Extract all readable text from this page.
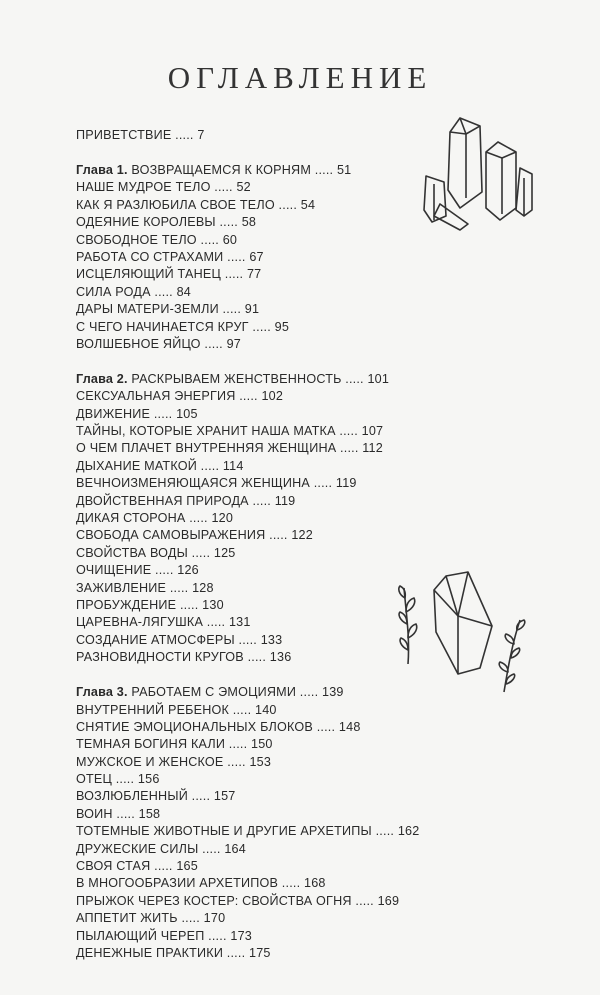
ОГЛАВЛЕНИЕ
ПРИВЕТСТВИЕ ..... 7
Глава 1. ВОЗВРАЩАЕМСЯ К КОРНЯМ ..... 51
НАШЕ МУДРОЕ ТЕЛО ..... 52
КАК Я РАЗЛЮБИЛА СВОЕ ТЕЛО ..... 54
ОДЕЯНИЕ КОРОЛЕВЫ ..... 58
СВОБОДНОЕ ТЕЛО ..... 60
РАБОТА СО СТРАХАМИ ..... 67
ИСЦЕЛЯЮЩИЙ ТАНЕЦ ..... 77
СИЛА РОДА ..... 84
ДАРЫ МАТЕРИ-ЗЕМЛИ ..... 91
С ЧЕГО НАЧИНАЕТСЯ КРУГ ..... 95
ВОЛШЕБНОЕ ЯЙЦО ..... 97
Глава 2. РАСКРЫВАЕМ ЖЕНСТВЕННОСТЬ ..... 101
СЕКСУАЛЬНАЯ ЭНЕРГИЯ ..... 102
ДВИЖЕНИЕ ..... 105
ТАЙНЫ, КОТОРЫЕ ХРАНИТ НАША МАТКА ..... 107
О ЧЕМ ПЛАЧЕТ ВНУТРЕННЯЯ ЖЕНЩИНА ..... 112
ДЫХАНИЕ МАТКОЙ ..... 114
ВЕЧНОИЗМЕНЯЮЩАЯСЯ ЖЕНЩИНА ..... 119
ДВОЙСТВЕННАЯ ПРИРОДА ..... 119
ДИКАЯ СТОРОНА ..... 120
СВОБОДА САМОВЫРАЖЕНИЯ ..... 122
СВОЙСТВА ВОДЫ ..... 125
ОЧИЩЕНИЕ ..... 126
ЗАЖИВЛЕНИЕ ..... 128
ПРОБУЖДЕНИЕ ..... 130
ЦАРЕВНА-ЛЯГУШКА ..... 131
СОЗДАНИЕ АТМОСФЕРЫ ..... 133
РАЗНОВИДНОСТИ КРУГОВ ..... 136
Глава 3. РАБОТАЕМ С ЭМОЦИЯМИ ..... 139
ВНУТРЕННИЙ РЕБЕНОК ..... 140
СНЯТИЕ ЭМОЦИОНАЛЬНЫХ БЛОКОВ ..... 148
ТЕМНАЯ БОГИНЯ КАЛИ ..... 150
МУЖСКОЕ И ЖЕНСКОЕ ..... 153
ОТЕЦ ..... 156
ВОЗЛЮБЛЕННЫЙ ..... 157
ВОИН ..... 158
ТОТЕМНЫЕ ЖИВОТНЫЕ И ДРУГИЕ АРХЕТИПЫ ..... 162
ДРУЖЕСКИЕ СИЛЫ ..... 164
СВОЯ СТАЯ ..... 165
В МНОГООБРАЗИИ АРХЕТИПОВ ..... 168
ПРЫЖОК ЧЕРЕЗ КОСТЕР: СВОЙСТВА ОГНЯ ..... 169
АППЕТИТ ЖИТЬ ..... 170
ПЫЛАЮЩИЙ ЧЕРЕП ..... 173
ДЕНЕЖНЫЕ ПРАКТИКИ ..... 175
